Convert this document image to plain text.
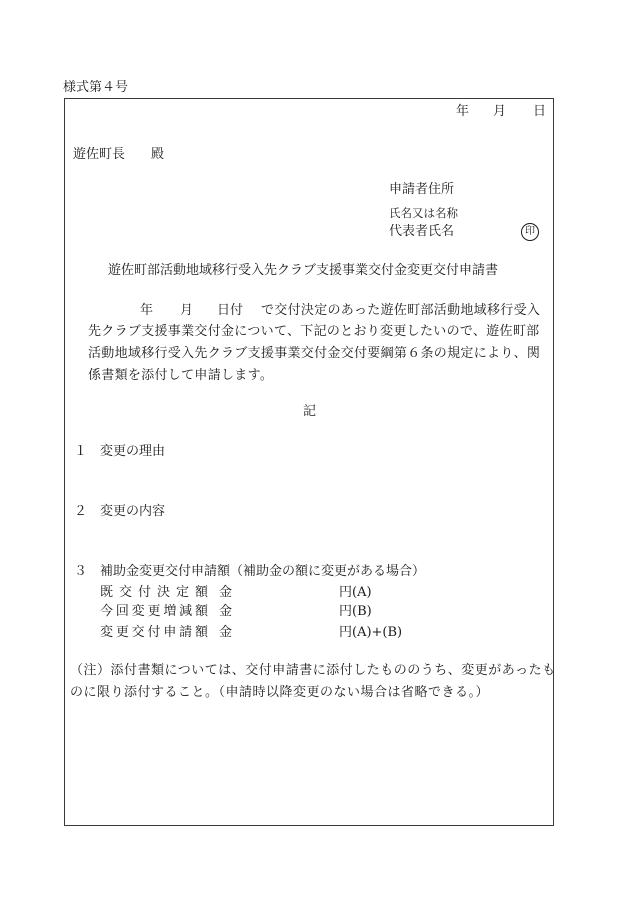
様式第４号
年 月 日
遊佐町長　　殿
申請者住所
氏名又は名称
代表者氏名	印
遊佐町部活動地域移行受入先クラブ支援事業交付金変更交付申請書
年 月 日付 で交付決定のあった遊佐町部活動地域移行受入
先クラブ支援事業交付金について、下記のとおり変更したいので、遊佐町部
活動地域移行受入先クラブ支援事業交付金交付要綱第６条の規定により、関
係書類を添付して申請します。
記
１ 変更の理由
２ 変更の内容
３ 補助金変更交付申請額（補助金の額に変更がある場合）
既 交 付 決 定 額 金	円(A)
今回変更増減額 金	円(B)
変更交付申請額 金	円(A)+(B)
（注）添付書類については、交付申請書に添付したもののうち、変更があったも
のに限り添付すること。（申請時以降変更のない場合は省略できる。）
